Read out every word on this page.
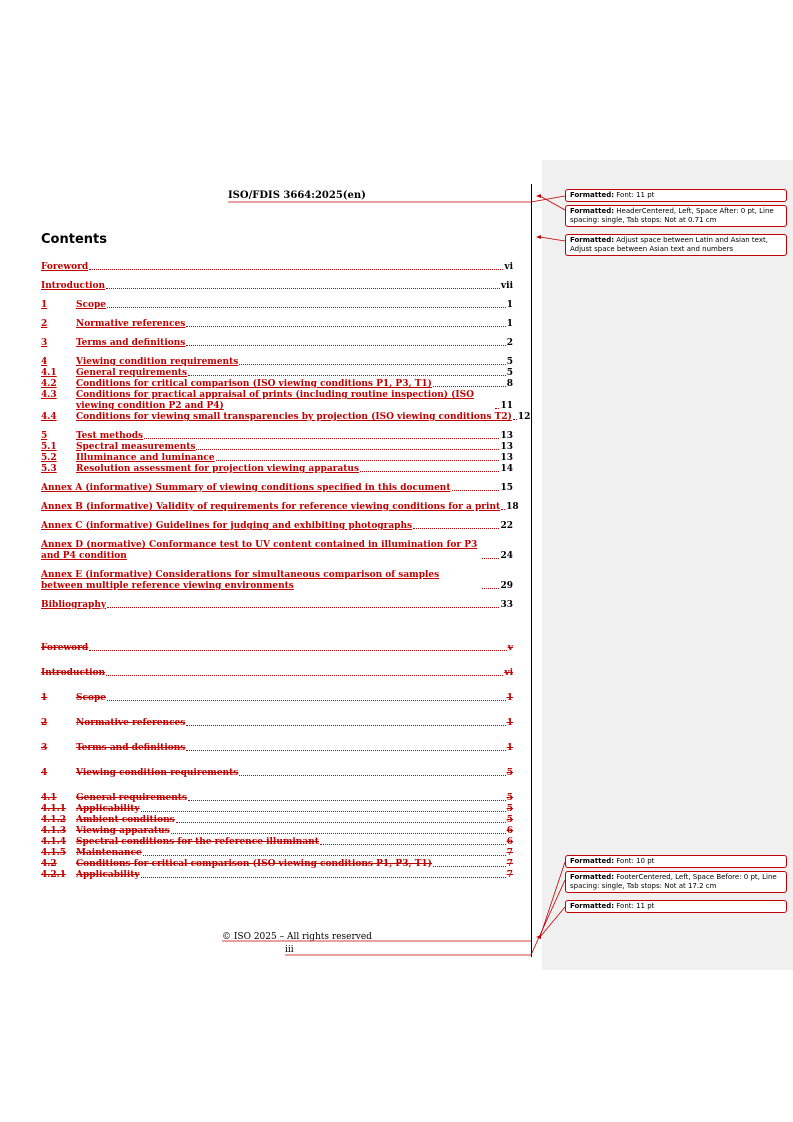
ISO/FDIS 3664:2025(en)
Contents
Foreword	vi
Introduction	vii
1	Scope	1
2	Normative references	1
3	Terms and definitions	2
4	Viewing condition requirements	5
4.1	General requirements	5
4.2	Conditions for critical comparison (ISO viewing conditions P1, P3, T1)	8
4.3	Conditions for practical appraisal of prints (including routine inspection) (ISO viewing condition P2 and P4)	11
4.4	Conditions for viewing small transparencies by projection (ISO viewing conditions T2) 12
5	Test methods	13
5.1	Spectral measurements	13
5.2	Illuminance and luminance	13
5.3	Resolution assessment for projection viewing apparatus	14
Annex A (informative) Summary of viewing conditions specified in this document	15
Annex B (informative) Validity of requirements for reference viewing conditions for a print 18
Annex C (informative) Guidelines for judging and exhibiting photographs	22
Annex D (normative) Conformance test to UV content contained in illumination for P3 and P4 condition	24
Annex E (informative) Considerations for simultaneous comparison of samples between multiple reference viewing environments	29
Bibliography	33
Foreword	v
Introduction	vi
1	Scope	1
2	Normative references	1
3	Terms and definitions	1
4	Viewing condition requirements	5
4.1	General requirements	5
4.1.1	Applicability	5
4.1.2	Ambient conditions	5
4.1.3	Viewing apparatus	6
4.1.4	Spectral conditions for the reference illuminant	6
4.1.5	Maintenance	7
4.2	Conditions for critical comparison (ISO viewing conditions P1, P3, T1)	7
4.2.1	Applicability	7
© ISO 2025 – All rights reserved
iii
Formatted: Font: 11 pt
Formatted: HeaderCentered, Left, Space After: 0 pt, Line spacing: single, Tab stops: Not at 0.71 cm
Formatted: Adjust space between Latin and Asian text, Adjust space between Asian text and numbers
Formatted: Font: 10 pt
Formatted: FooterCentered, Left, Space Before: 0 pt, Line spacing: single, Tab stops: Not at 17.2 cm
Formatted: Font: 11 pt
